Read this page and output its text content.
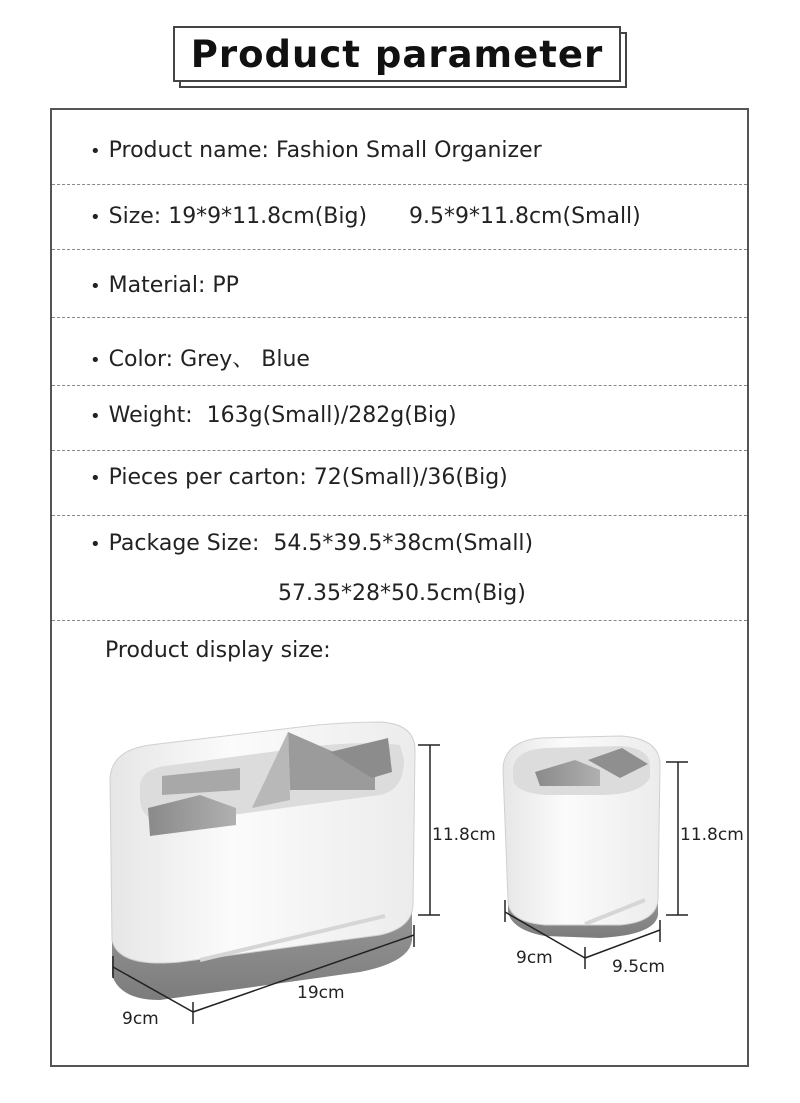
Product parameter
• Product name: Fashion Small Organizer
• Size: 19*9*11.8cm(Big)      9.5*9*11.8cm(Small)
• Material: PP
• Color: Grey、 Blue
• Weight:  163g(Small)/282g(Big)
• Pieces per carton: 72(Small)/36(Big)
• Package Size:  54.5*39.5*38cm(Small)
57.35*28*50.5cm(Big)
Product display size:
11.8cm
19cm
9cm
11.8cm
9cm	9.5cm
